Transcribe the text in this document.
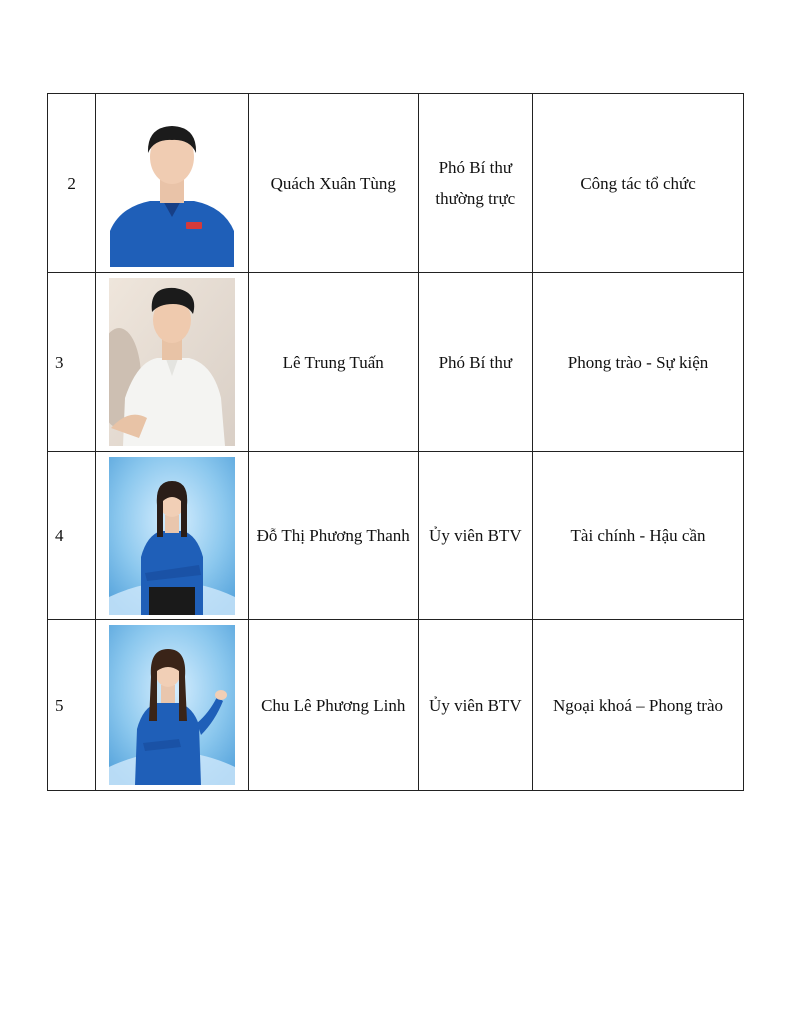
2		Quách Xuân Tùng	Phó Bí thư thường trực	Công tác tổ chức
3		Lê Trung Tuấn	Phó Bí thư	Phong trào - Sự kiện
4		Đỗ Thị Phương Thanh	Ủy viên BTV	Tài chính - Hậu cần
5		Chu Lê Phương Linh	Ủy viên BTV	Ngoại khoá – Phong trào
